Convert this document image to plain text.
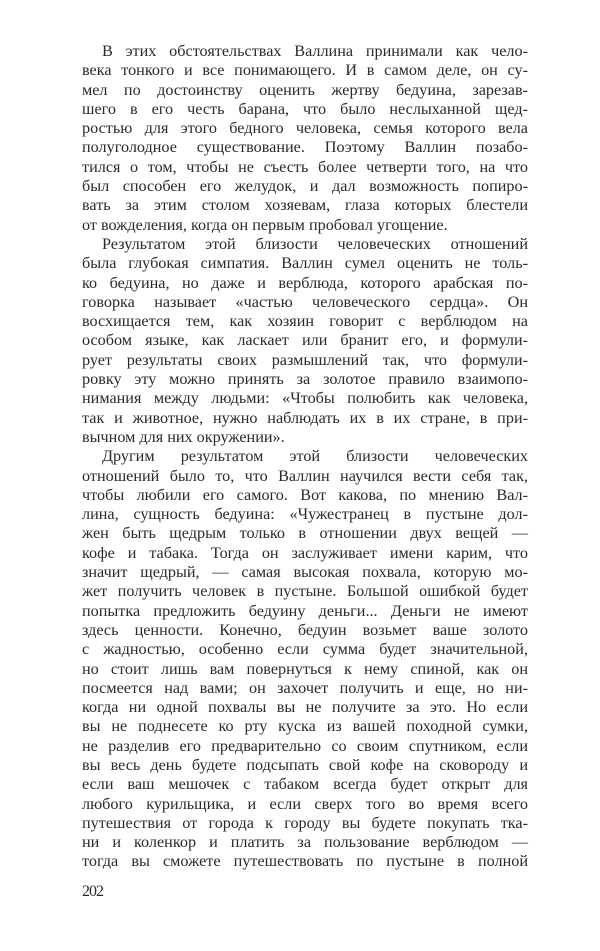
В этих обстоятельствах Валлина принимали как чело-
века тонкого и все понимающего. И в самом деле, он су-
мел по достоинству оценить жертву бедуина, зарезав-
шего в его честь барана, что было неслыханной щед-
ростью для этого бедного человека, семья которого вела
полуголодное существование. Поэтому Валлин позабо-
тился о том, чтобы не съесть более четверти того, на что
был способен его желудок, и дал возможность попиро-
вать за этим столом хозяевам, глаза которых блестели
от вожделения, когда он первым пробовал угощение.
Результатом этой близости человеческих отношений
была глубокая симпатия. Валлин сумел оценить не толь-
ко бедуина, но даже и верблюда, которого арабская по-
говорка называет «частью человеческого сердца». Он
восхищается тем, как хозяин говорит с верблюдом на
особом языке, как ласкает или бранит его, и формули-
рует результаты своих размышлений так, что формули-
ровку эту можно принять за золотое правило взаимопо-
нимания между людьми: «Чтобы полюбить как человека,
так и животное, нужно наблюдать их в их стране, в при-
вычном для них окружении».
Другим результатом этой близости человеческих
отношений было то, что Валлин научился вести себя так,
чтобы любили его самого. Вот какова, по мнению Вал-
лина, сущность бедуина: «Чужестранец в пустыне дол-
жен быть щедрым только в отношении двух вещей —
кофе и табака. Тогда он заслуживает имени карим, что
значит щедрый, — самая высокая похвала, которую мо-
жет получить человек в пустыне. Большой ошибкой будет
попытка предложить бедуину деньги... Деньги не имеют
здесь ценности. Конечно, бедуин возьмет ваше золото
с жадностью, особенно если сумма будет значительной,
но стоит лишь вам повернуться к нему спиной, как он
посмеется над вами; он захочет получить и еще, но ни-
когда ни одной похвалы вы не получите за это. Но если
вы не поднесете ко рту куска из вашей походной сумки,
не разделив его предварительно со своим спутником, если
вы весь день будете подсыпать свой кофе на сковороду и
если ваш мешочек с табаком всегда будет открыт для
любого курильщика, и если сверх того во время всего
путешествия от города к городу вы будете покупать тка-
ни и коленкор и платить за пользование верблюдом —
тогда вы сможете путешествовать по пустыне в полной
202
